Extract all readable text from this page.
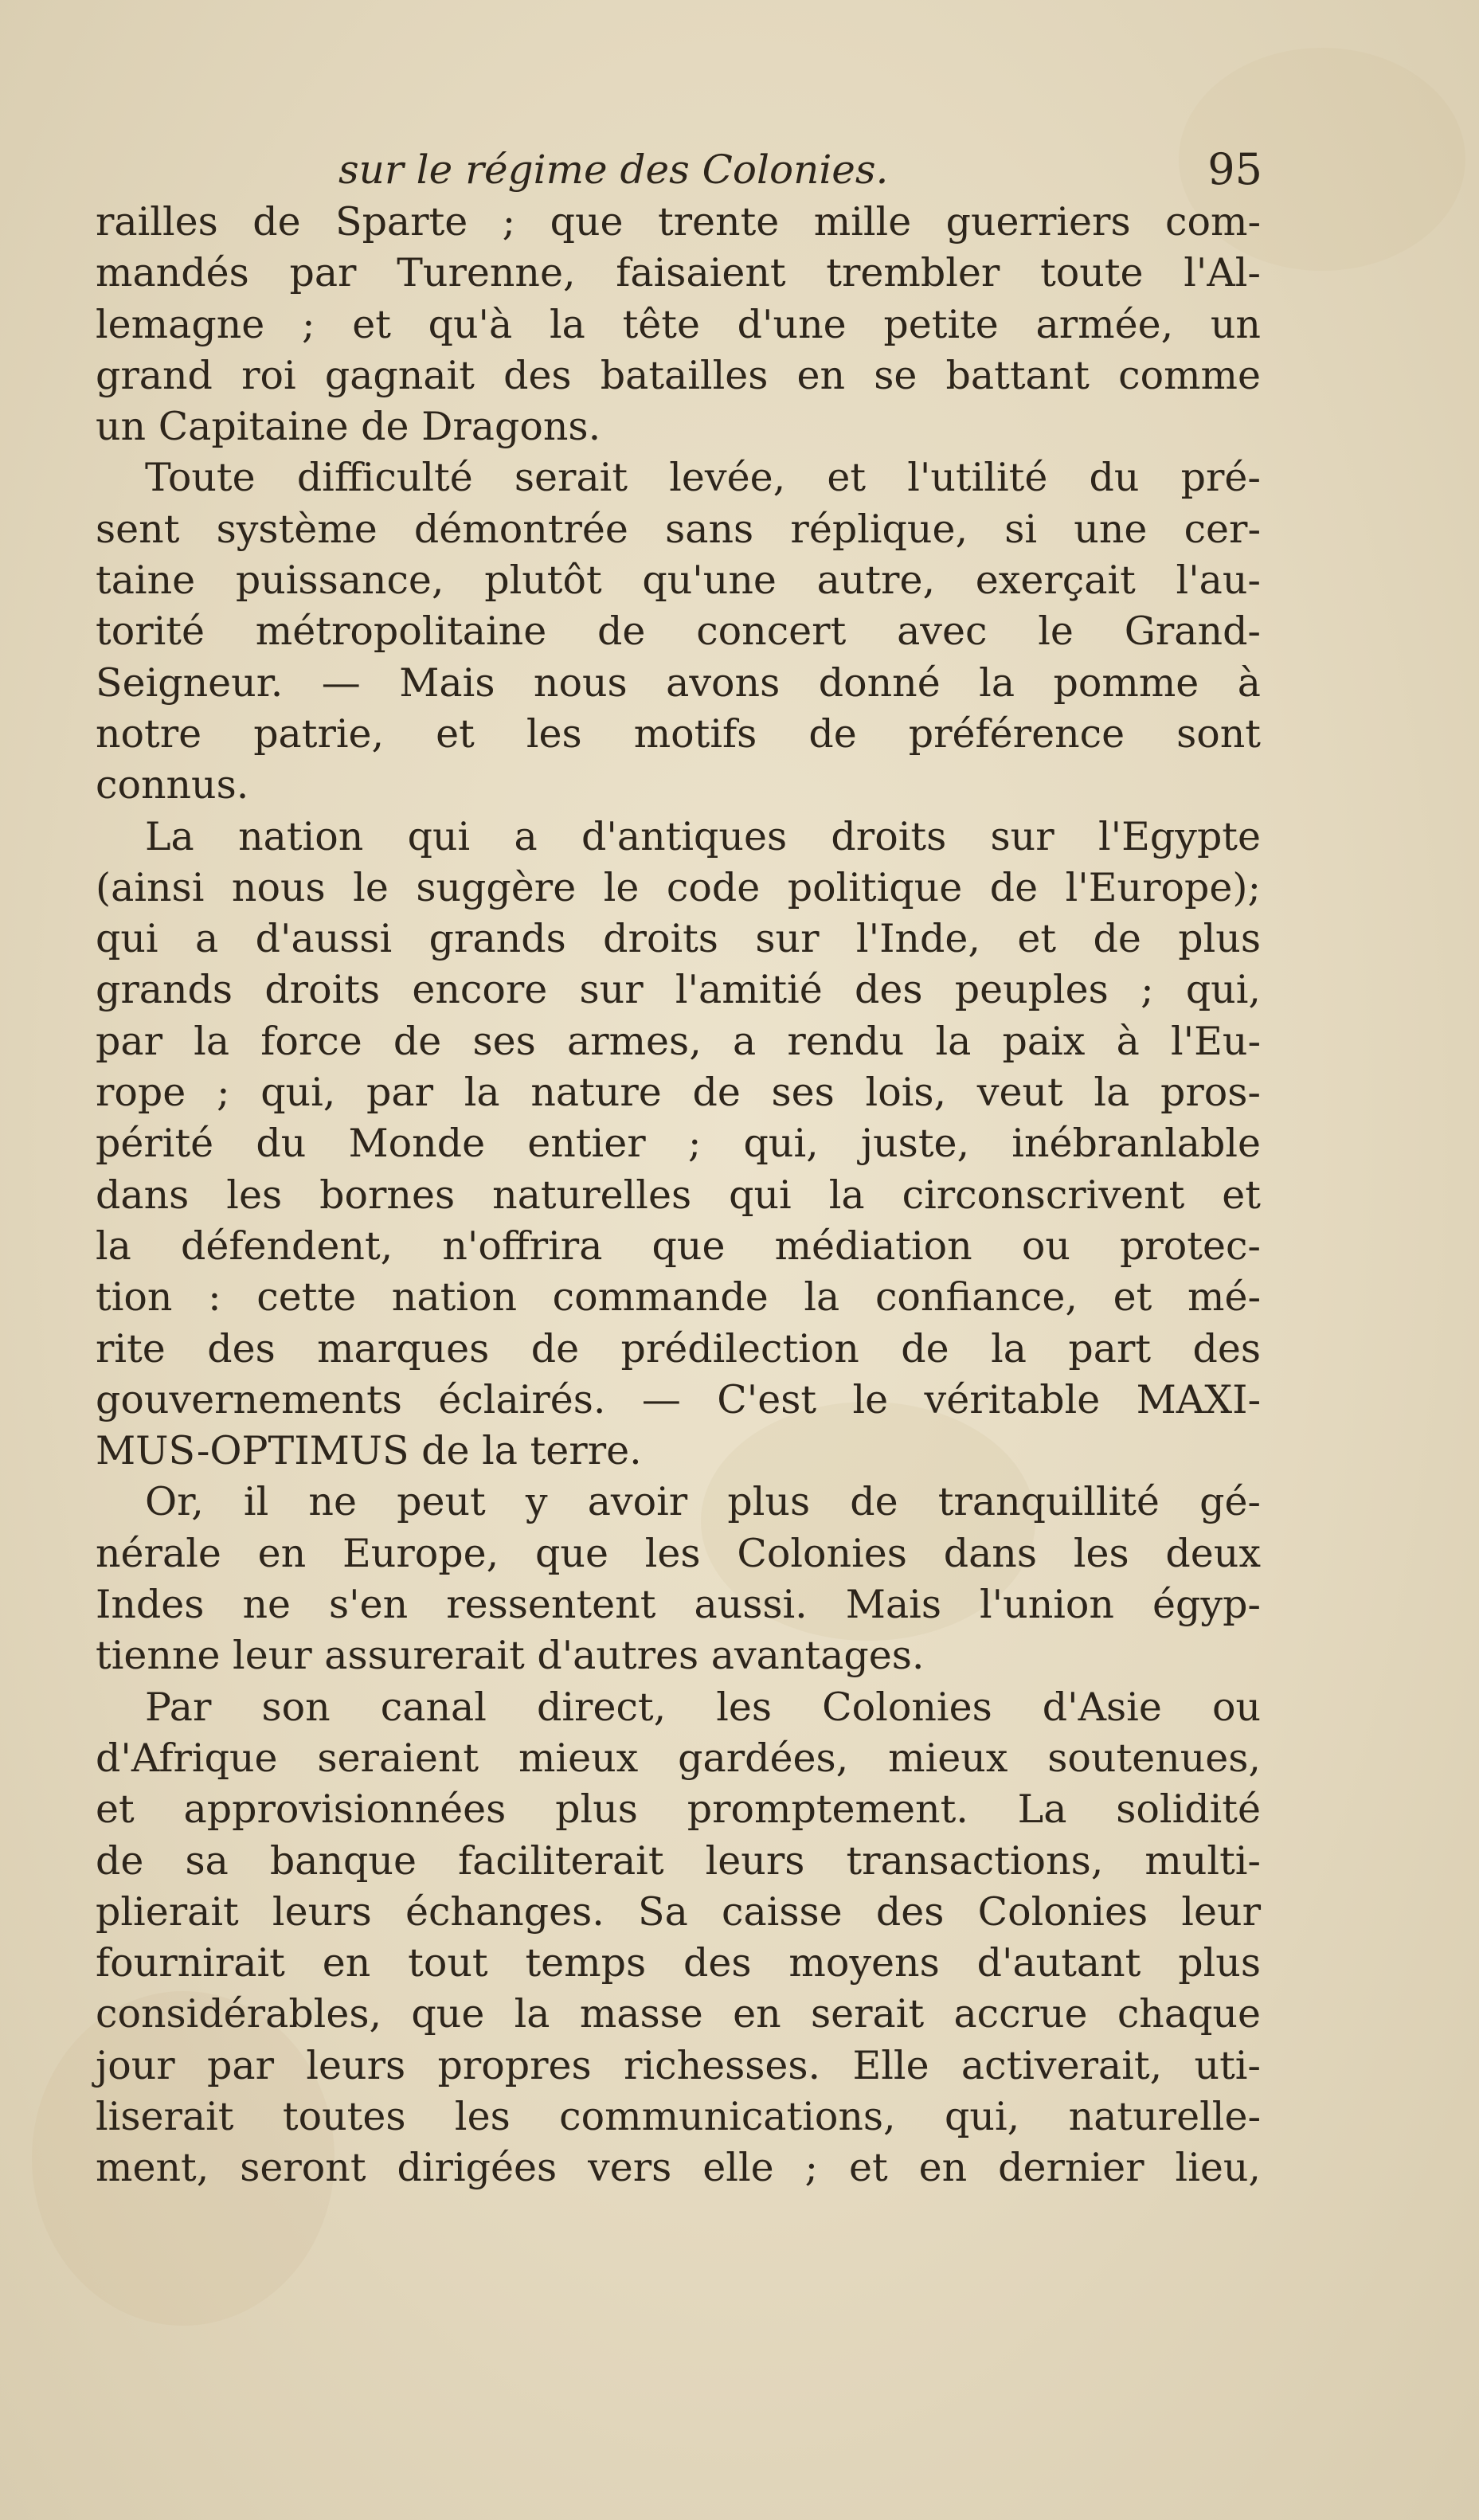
sur le régime des Colonies.	95
railles de Sparte ; que trente mille guerriers com-
mandés par Turenne, faisaient trembler toute l'Al-
lemagne ; et qu'à la tête d'une petite armée, un
grand roi gagnait des batailles en se battant comme
un Capitaine de Dragons.
Toute difficulté serait levée, et l'utilité du pré-
sent système démontrée sans réplique, si une cer-
taine puissance, plutôt qu'une autre, exerçait l'au-
torité métropolitaine de concert avec le Grand-
Seigneur. — Mais nous avons donné la pomme à
notre patrie, et les motifs de préférence sont
connus.
La nation qui a d'antiques droits sur l'Egypte
(ainsi nous le suggère le code politique de l'Europe);
qui a d'aussi grands droits sur l'Inde, et de plus
grands droits encore sur l'amitié des peuples ; qui,
par la force de ses armes, a rendu la paix à l'Eu-
rope ; qui, par la nature de ses lois, veut la pros-
périté du Monde entier ; qui, juste, inébranlable
dans les bornes naturelles qui la circonscrivent et
la défendent, n'offrira que médiation ou protec-
tion : cette nation commande la confiance, et mé-
rite des marques de prédilection de la part des
gouvernements éclairés. — C'est le véritable MAXI-
MUS-OPTIMUS de la terre.
Or, il ne peut y avoir plus de tranquillité gé-
nérale en Europe, que les Colonies dans les deux
Indes ne s'en ressentent aussi. Mais l'union égyp-
tienne leur assurerait d'autres avantages.
Par son canal direct, les Colonies d'Asie ou
d'Afrique seraient mieux gardées, mieux soutenues,
et approvisionnées plus promptement. La solidité
de sa banque faciliterait leurs transactions, multi-
plierait leurs échanges. Sa caisse des Colonies leur
fournirait en tout temps des moyens d'autant plus
considérables, que la masse en serait accrue chaque
jour par leurs propres richesses. Elle activerait, uti-
liserait toutes les communications, qui, naturelle-
ment, seront dirigées vers elle ; et en dernier lieu,
